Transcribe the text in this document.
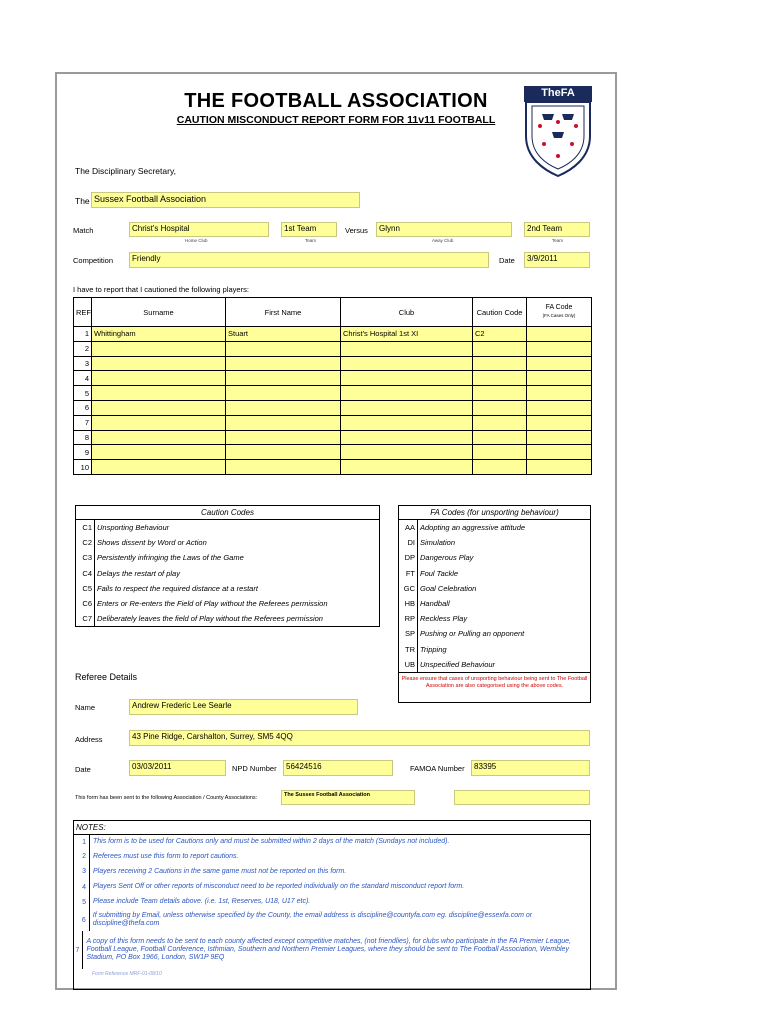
THE FOOTBALL ASSOCIATION
CAUTION MISCONDUCT REPORT FORM FOR 11v11 FOOTBALL
TheFA
The Disciplinary Secretary,
The Sussex Football Association
Match	Christ's Hospital
Home Club
1st Team
Team
Versus	Glynn
Away Club
2nd Team
Team
Competition	Friendly	Date	3/9/2011
I have to report that I cautioned the following players:
REF	Surname	First Name	Club	Caution Code	FA Code
(FA Cases Only)

1	Whittingham	Stuart	Christ's Hospital 1st XI	C2	
2					
3					
4					
5					
6					
7					
8					
9					
10					
Caution Codes
C1 Unsporting Behaviour
C2 Shows dissent by Word or Action
C3 Persistently infringing the Laws of the Game
C4 Delays the restart of play
C5 Fails to respect the required distance at a restart
C6 Enters or Re-enters the Field of Play without the Referees permission
C7 Deliberately leaves the field of Play without the Referees permission
FA Codes (for unsporting behaviour)
AA Adopting an aggressive attitude
DI Simulation
DP Dangerous Play
FT Foul Tackle
GC Goal Celebration
HB Handball
RP Reckless Play
SP Pushing or Pulling an opponent
TR Tripping
UB Unspecified Behaviour
Please ensure that cases of unsporting behaviour being sent to The Football Association are also categorised using the above codes.
Referee Details
Name	Andrew Frederic Lee Searle
Address	43 Pine Ridge, Carshalton, Surrey, SM5 4QQ
Date	03/03/2011	NPD Number	56424516	FAMOA Number	83395
This form has been sent to the following Association / County Associations:	The Sussex Football Association
NOTES:
1	This form is to be used for Cautions only and must be submitted within 2 days of the match (Sundays not included).
2	Referees must use this form to report cautions.
3	Players receiving 2 Cautions in the same game must not be reported on this form.
4	Players Sent Off or other reports of misconduct need to be reported individually on the standard misconduct report form.
5	Please include Team details above. (i.e. 1st, Reserves, U18, U17 etc).
6
If submitting by Email, unless otherwise specified by the County, the email address is discipline@countyfa.com eg. discipline@essexfa.com or discipline@thefa.com
7
A copy of this form needs to be sent to each county affected except competitive matches, (not friendlies), for clubs who participate in the FA Premier League, Football League, Football Conference, Isthmian, Southern and Northern Premier Leagues, where they should be sent to The Football Association, Wembley Stadium, PO Box 1966, London, SW1P 9EQ
Form Reference MRF-01-08/10
